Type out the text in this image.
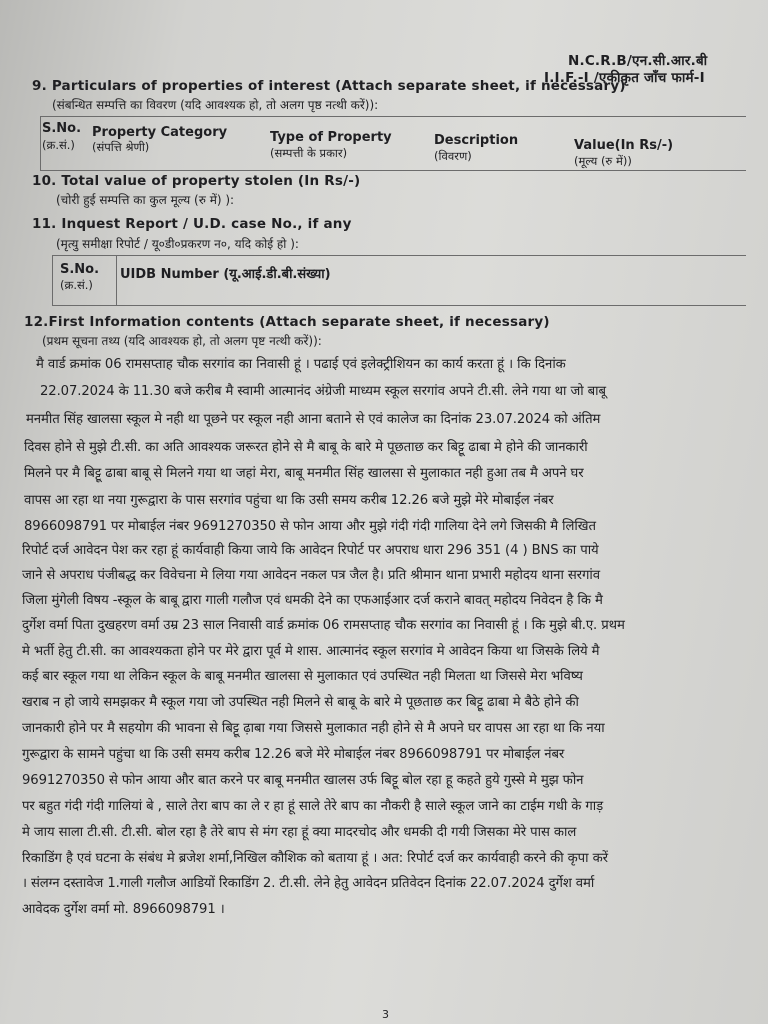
N.C.R.B/एन.सी.आर.बी
I.I.F.-I /एकीकृत जाँच फार्म-I
9. Particulars of properties of interest (Attach separate sheet, if necessary)
(संबन्धित सम्पत्ति का विवरण (यदि आवश्यक हो, तो अलग पृष्ठ नत्थी करें)):
S.No.
(क्र.सं.)
Property Category
(संपत्ति श्रेणी)
Type of Property
(सम्पत्ती के प्रकार)
Description
(विवरण)
Value(In Rs/-)
(मूल्य (रु में))
10. Total value of property stolen (In Rs/-)
(चोरी हुई सम्पत्ति का कुल मूल्य (रु में) ):
11. Inquest Report / U.D. case No., if any
(मृत्यु समीक्षा रिपोर्ट / यू०डी०प्रकरण न०, यदि कोई हो ):
S.No.
(क्र.सं.)
UIDB Number (यू.आई.डी.बी.संख्या)
12.First Information contents (Attach separate sheet, if necessary)
(प्रथम सूचना तथ्य (यदि आवश्यक हो, तो अलग पृष्ट नत्थी करें)):
मै वार्ड क्रमांक 06 रामसप्ताह चौक सरगांव का निवासी हूं । पढाई एवं इलेक्ट्रीशियन का कार्य करता हूं । कि दिनांक
22.07.2024 के 11.30 बजे करीब मै स्वामी आत्मानंद अंग्रेजी माध्यम स्कूल सरगांव अपने टी.सी. लेने गया था जो बाबू
मनमीत सिंह खालसा स्कूल मे नही था पूछने पर स्कूल नही आना बताने से एवं कालेज का दिनांक 23.07.2024 को अंतिम
दिवस होने से मुझे टी.सी. का अति आवश्यक जरूरत होने से मै बाबू के बारे मे पूछताछ कर बिट्टू ढाबा मे होने की जानकारी
मिलने पर मै बिट्टू ढाबा बाबू से मिलने गया था जहां मेरा, बाबू मनमीत सिंह खालसा से मुलाकात नही हुआ तब मै अपने घर
वापस आ रहा था नया गुरूद्वारा के पास सरगांव पहुंचा था कि उसी समय करीब 12.26 बजे मुझे मेरे मोबाईल नंबर
8966098791 पर मोबाईल नंबर 9691270350 से फोन आया और मुझे गंदी गंदी गालिया देने लगे जिसकी मै लिखित
रिपोर्ट दर्ज आवेदन पेश कर रहा हूं कार्यवाही किया जाये कि आवेदन रिपोर्ट पर अपराध धारा 296 351 (4 ) BNS का पाये
जाने से अपराध पंजीबद्ध कर विवेचना मे लिया गया आवेदन नकल पत्र जैल है। प्रति श्रीमान थाना प्रभारी महोदय थाना सरगांव
जिला मुंगेली विषय -स्कूल के बाबू द्वारा गाली गलौज एवं धमकी देने का एफआईआर दर्ज कराने बावत् महोदय निवेदन है कि मै
दुर्गेश वर्मा पिता दुखहरण वर्मा उम्र 23 साल निवासी वार्ड क्रमांक 06 रामसप्ताह चौक सरगांव का निवासी हूं । कि मुझे बी.ए. प्रथम
मे भर्ती हेतु टी.सी. का आवश्यकता होने पर मेरे द्वारा पूर्व मे शास. आत्मानंद स्कूल सरगांव मे आवेदन किया था जिसके लिये मै
कई बार स्कूल गया था लेकिन स्कूल के बाबू मनमीत खालसा से मुलाकात एवं उपस्थित नही मिलता था जिससे मेरा भविष्य
खराब न हो जाये समझकर मै स्कूल गया जो उपस्थित नही मिलने से बाबू के बारे मे पूछताछ कर बिट्टू ढाबा मे बैठे होने की
जानकारी होने पर मै सहयोग की भावना से बिट्टू ढ़ाबा गया जिससे मुलाकात नही होने से मै अपने घर वापस आ रहा था कि नया
गुरूद्वारा के सामने पहुंचा था कि उसी समय करीब 12.26 बजे मेरे मोबाईल नंबर 8966098791 पर मोबाईल नंबर
9691270350 से फोन आया और बात करने पर बाबू मनमीत खालस उर्फ बिट्टू बोल रहा हू कहते हुये गुस्से मे मुझ फोन
पर बहुत गंदी गंदी गालियां बे , साले तेरा बाप का ले र हा हूं साले तेरे बाप का नौकरी है साले स्कूल जाने का टाईम गधी के गाड़
मे जाय साला टी.सी. टी.सी. बोल रहा है तेरे बाप से मंग रहा हूं क्या मादरचोद और धमकी दी गयी जिसका मेरे पास काल
रिकाडिंग है एवं घटना के संबंध मे ब्रजेश शर्मा,निखिल कौशिक को बताया हूं । अत: रिपोर्ट दर्ज कर कार्यवाही करने की कृपा करें
। संलग्न दस्तावेज 1.गाली गलौज आडियों रिकाडिंग 2. टी.सी. लेने हेतु आवेदन प्रतिवेदन दिनांक 22.07.2024 दुर्गेश वर्मा
आवेदक दुर्गेश वर्मा मो. 8966098791 ।
3
